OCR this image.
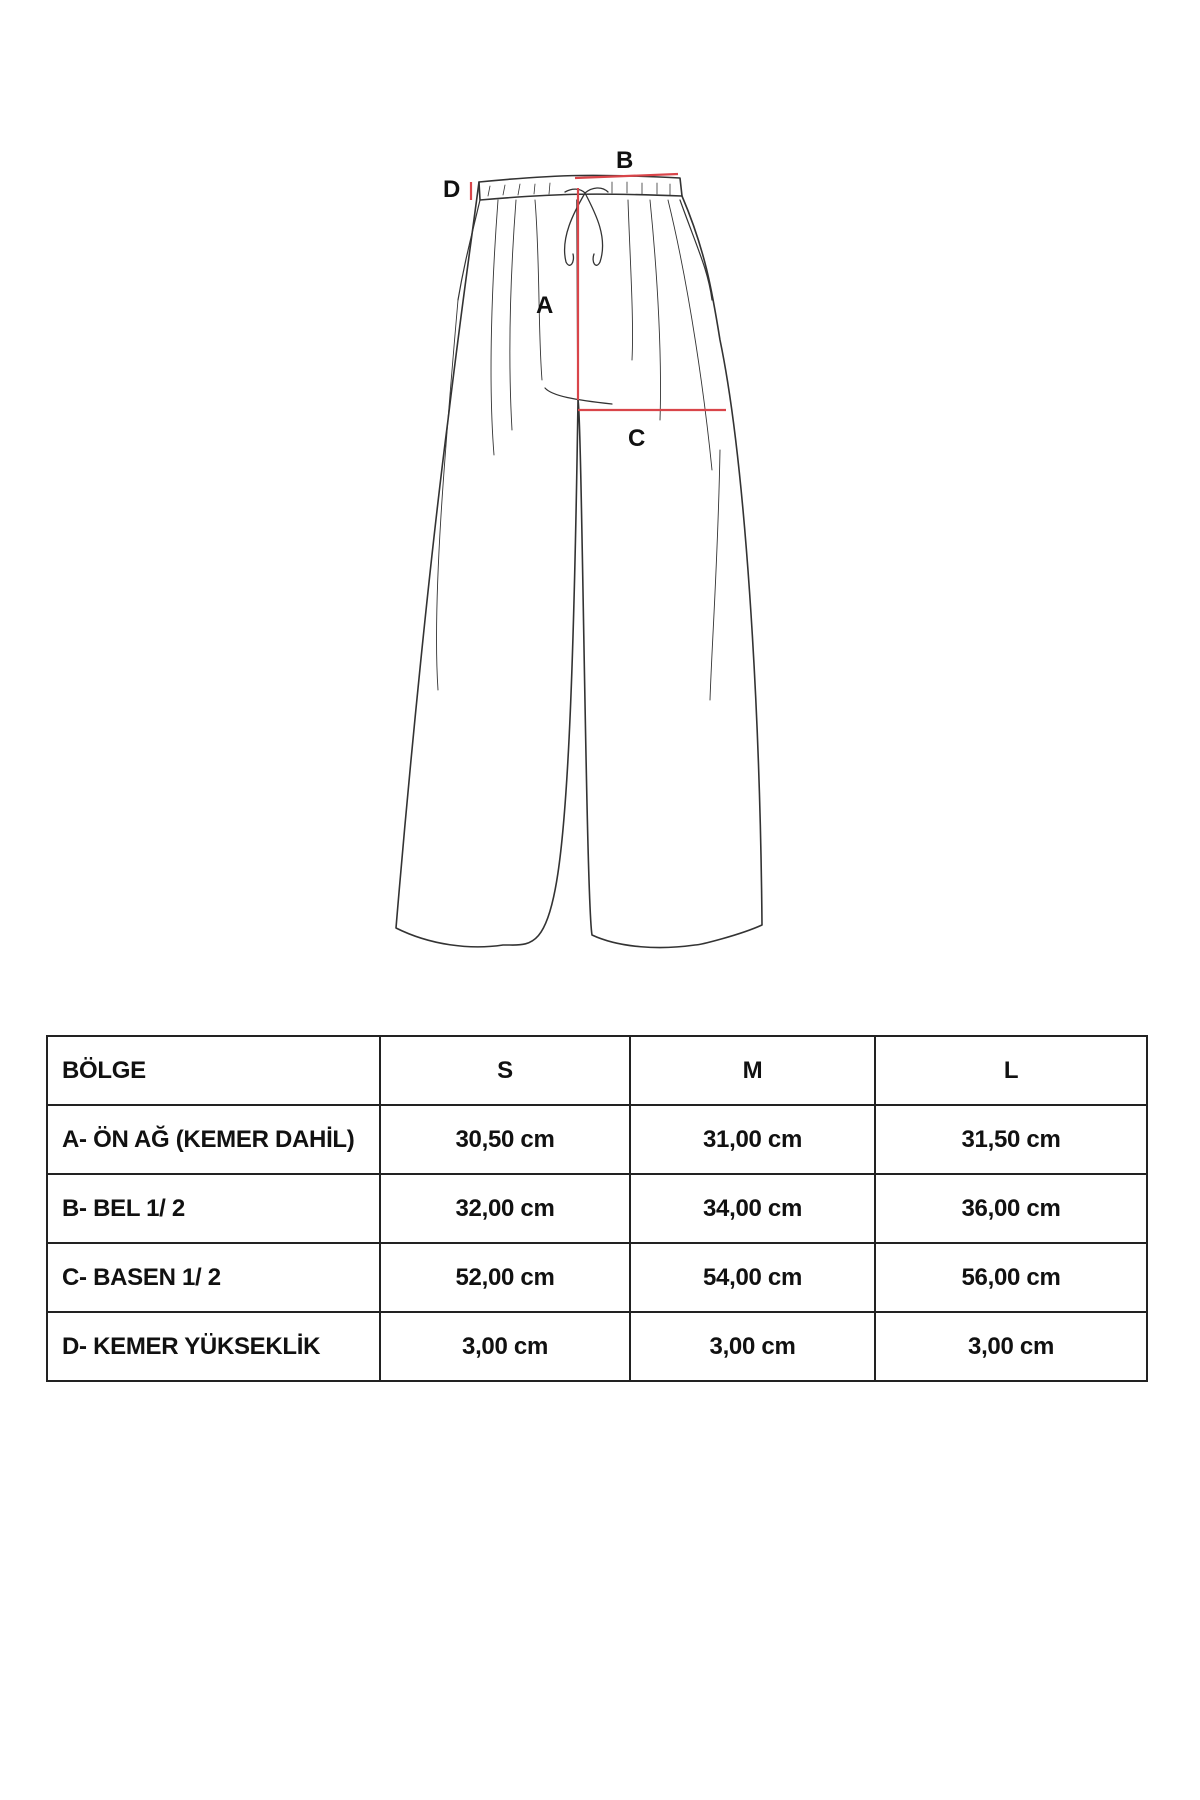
A
B
C
D
BÖLGE	S	M	L
A- ÖN AĞ (KEMER DAHİL)	30,50 cm	31,00 cm	31,50 cm
B- BEL 1/ 2	32,00 cm	34,00 cm	36,00 cm
C- BASEN 1/ 2	52,00 cm	54,00 cm	56,00 cm
D- KEMER YÜKSEKLİK	3,00 cm	3,00 cm	3,00 cm
